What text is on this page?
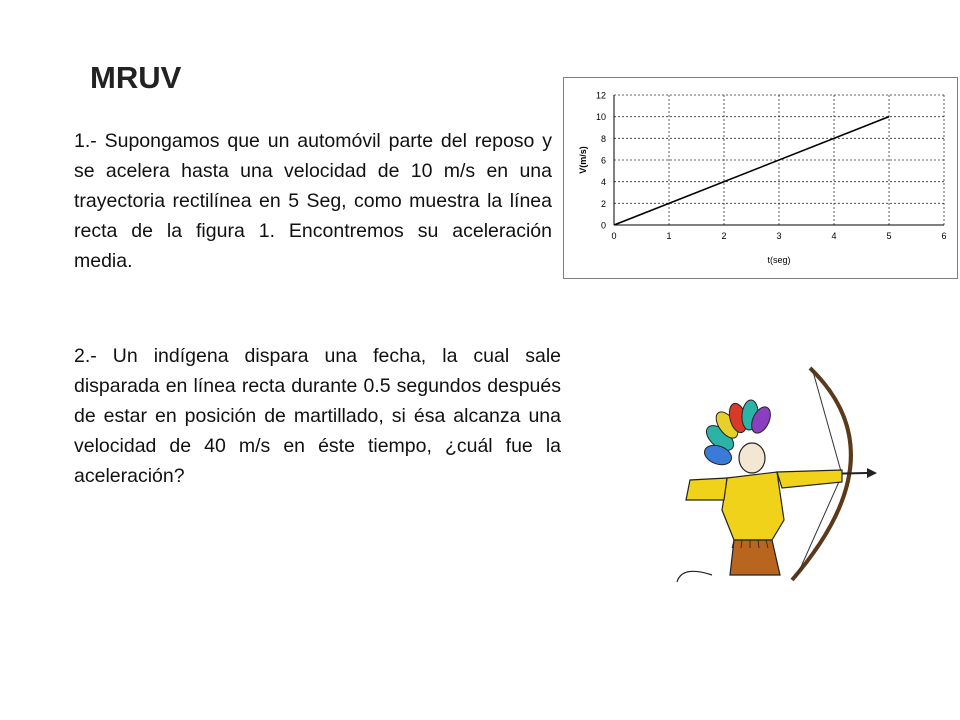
MRUV
1.- Supongamos que un automóvil parte del reposo y se acelera hasta una velocidad de 10 m/s en una trayectoria rectilínea en 5 Seg, como muestra la línea recta de la figura 1. Encontremos su aceleración media.
0
2
4
6
8
10
12
0	1	2	3	4	5	6
t(seg)
V(m/s)
2.- Un indígena dispara una fecha, la cual sale disparada en línea recta durante 0.5 segundos después de estar en posición de martillado, si ésa alcanza una velocidad de 40 m/s en éste tiempo, ¿cuál fue la aceleración?
